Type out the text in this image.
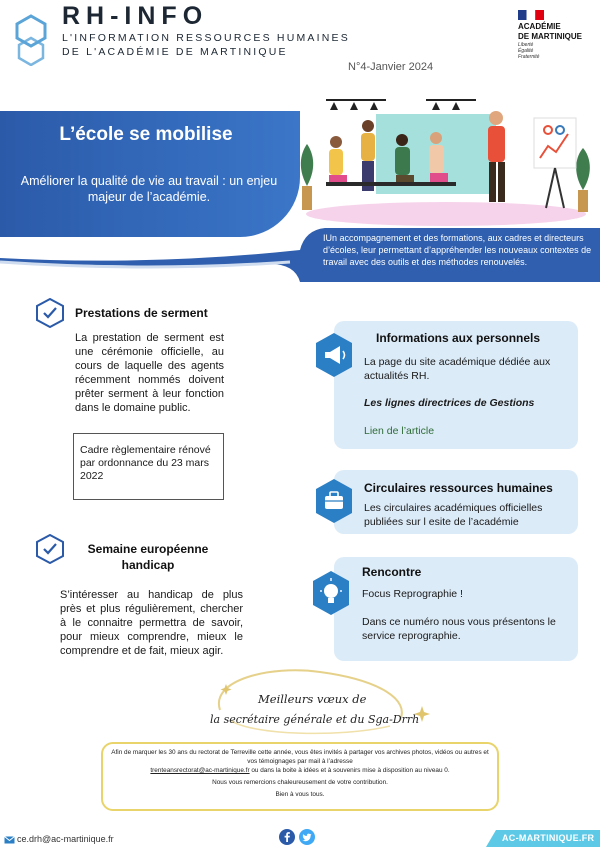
RH-INFO
L'INFORMATION RESSOURCES HUMAINES
DE L'ACADÉMIE DE MARTINIQUE
N°4-Janvier 2024
ACADÉMIE
DE MARTINIQUE
Liberté
Égalité
Fraternité
L’école se mobilise
Améliorer la qualité de vie au travail : un enjeu majeur de l’académie.
IUn accompagnement et des formations, aux cadres et directeurs d’écoles, leur permettant d’appréhender les nouveaux contextes de travail avec des outils et des méthodes renouvelés.
Prestations de serment
La prestation de serment est une cérémonie officielle, au cours de laquelle des agents récemment nommés doivent prêter serment à leur fonction dans le domaine public.
Cadre règlementaire rénové par ordonnance du 23 mars 2022
Semaine européenne
handicap
S’intéresser au handicap de plus près et plus régulièrement, chercher à le connaitre permettra de savoir, pour mieux comprendre, mieux le comprendre et de fait, mieux agir.
Informations aux personnels
La page du site académique dédiée aux actualités RH.
Les lignes directrices de Gestions
Lien de l’article
Circulaires ressources humaines
Les circulaires académiques officielles publiées sur l esite de l’académie
Rencontre
Focus Reprographie !
Dans ce numéro nous vous présentons le service reprographie.
Meilleurs vœux de
la secrétaire générale et du Sga-Drrh

Afin de marquer les 30 ans du rectorat de Terreville cette année, vous êtes invités à partager vos archives photos, vidéos ou autres et vos témoignages par mail à l’adresse
trenteansrectorat@ac-martinique.fr ou dans la boite à idées et à souvenirs mise à disposition au niveau 0.

Nous vous remercions chaleureusement de votre contribution.

Bien à vous tous.

ce.drh@ac-martinique.fr	AC-MARTINIQUE.FR
